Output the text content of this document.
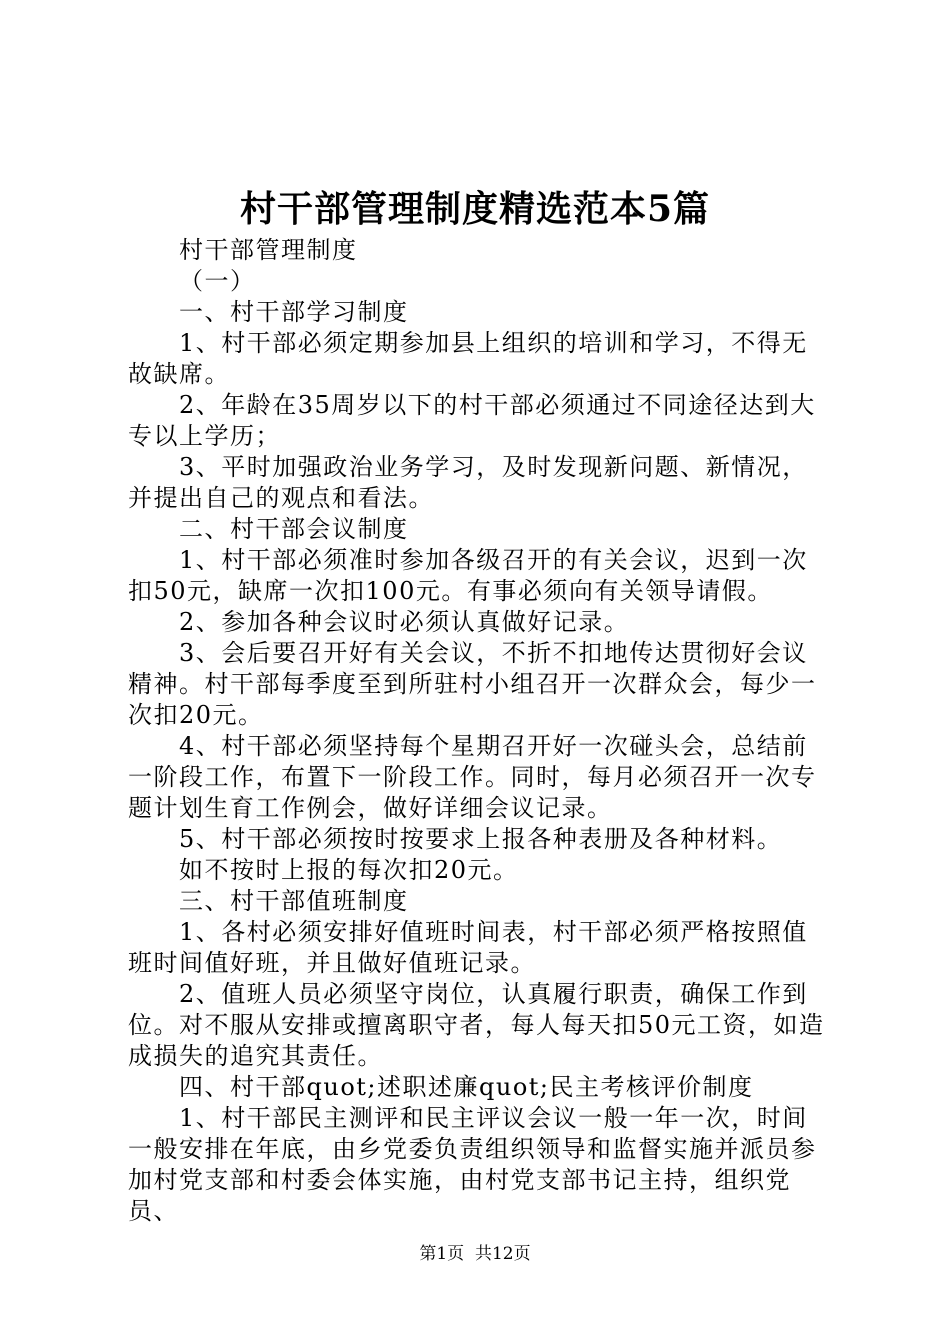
村干部管理制度精选范本5篇

村干部管理制度

（一）

一、村干部学习制度

1、村干部必须定期参加县上组织的培训和学习，不得无故缺席。

2、年龄在35周岁以下的村干部必须通过不同途径达到大专以上学历；

3、平时加强政治业务学习，及时发现新问题、新情况，并提出自己的观点和看法。

二、村干部会议制度

1、村干部必须准时参加各级召开的有关会议，迟到一次扣50元，缺席一次扣100元。有事必须向有关领导请假。

2、参加各种会议时必须认真做好记录。

3、会后要召开好有关会议，不折不扣地传达贯彻好会议精神。村干部每季度至到所驻村小组召开一次群众会，每少一次扣20元。

4、村干部必须坚持每个星期召开好一次碰头会，总结前一阶段工作，布置下一阶段工作。同时，每月必须召开一次专题计划生育工作例会，做好详细会议记录。

5、村干部必须按时按要求上报各种表册及各种材料。

如不按时上报的每次扣20元。

三、村干部值班制度

1、各村必须安排好值班时间表，村干部必须严格按照值班时间值好班，并且做好值班记录。

2、值班人员必须坚守岗位，认真履行职责，确保工作到位。对不服从安排或擅离职守者，每人每天扣50元工资，如造成损失的追究其责任。

四、村干部quot;述职述廉quot;民主考核评价制度

1、村干部民主测评和民主评议会议一般一年一次，时间一般安排在年底，由乡党委负责组织领导和监督实施并派员参加村党支部和村委会体实施，由村党支部书记主持，组织党员、

第1页  共12页
